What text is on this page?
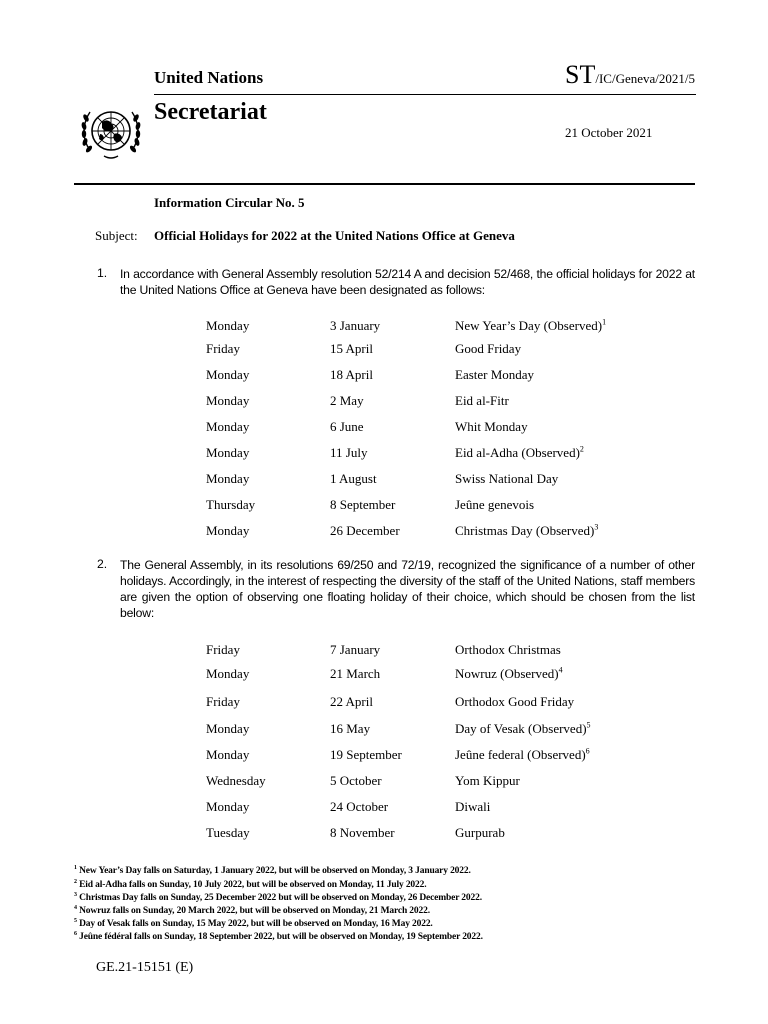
United Nations	ST/IC/Geneva/2021/5
Secretariat
21 October 2021
Information Circular No. 5
Subject: Official Holidays for 2022 at the United Nations Office at Geneva
1. In accordance with General Assembly resolution 52/214 A and decision 52/468, the official holidays for 2022 at the United Nations Office at Geneva have been designated as follows:
Monday	3 January	New Year’s Day (Observed)$^1$
Friday	15 April	Good Friday
Monday	18 April	Easter Monday
Monday	2 May	Eid al-Fitr
Monday	6 June	Whit Monday
Monday	11 July	Eid al-Adha (Observed)$^2$
Monday	1 August	Swiss National Day
Thursday	8 September	Jeûne genevois
Monday	26 December	Christmas Day (Observed)$^3$
2. The General Assembly, in its resolutions 69/250 and 72/19, recognized the significance of a number of other holidays. Accordingly, in the interest of respecting the diversity of the staff of the United Nations, staff members are given the option of observing one floating holiday of their choice, which should be chosen from the list below:
Friday	7 January	Orthodox Christmas
Monday	21 March	Nowruz (Observed)$^4$
Friday	22 April	Orthodox Good Friday
Monday	16 May	Day of Vesak (Observed)$^5$
Monday	19 September	Jeûne federal (Observed)$^6$
Wednesday	5 October	Yom Kippur
Monday	24 October	Diwali
Tuesday	8 November	Gurpurab
$^1$ New Year’s Day falls on Saturday, 1 January 2022, but will be observed on Monday, 3 January 2022.
$^2$ Eid al-Adha falls on Sunday, 10 July 2022, but will be observed on Monday, 11 July 2022.
$^3$ Christmas Day falls on Sunday, 25 December 2022 but will be observed on Monday, 26 December 2022.
$^4$ Nowruz falls on Sunday, 20 March 2022, but will be observed on Monday, 21 March 2022.
$^5$ Day of Vesak falls on Sunday, 15 May 2022, but will be observed on Monday, 16 May 2022.
$^6$ Jeûne fédéral falls on Sunday, 18 September 2022, but will be observed on Monday, 19 September 2022.
GE.21-15151 (E)
